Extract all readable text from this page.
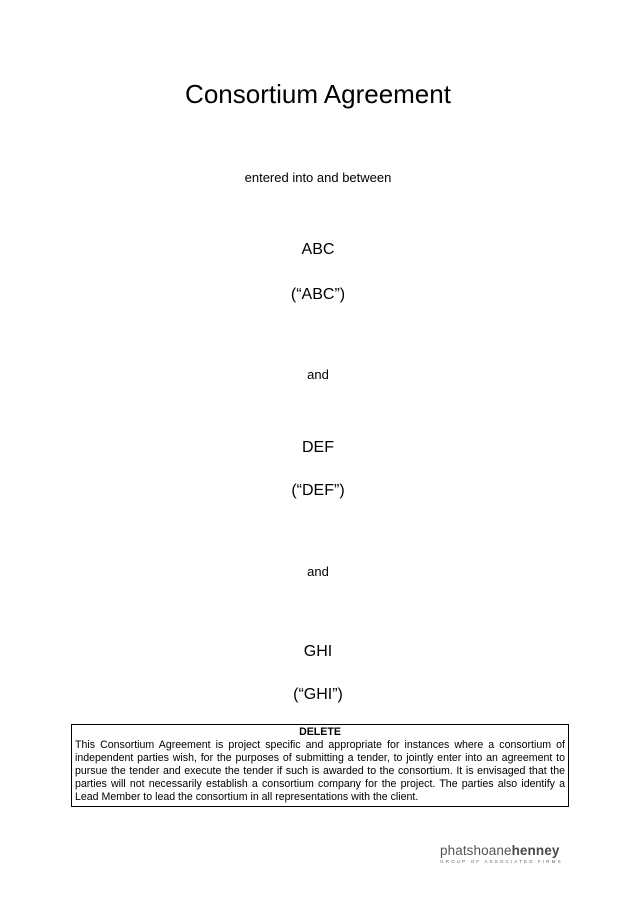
Consortium Agreement
entered into and between
ABC
(“ABC”)
and
DEF
(“DEF”)
and
GHI
(“GHI”)
DELETE
This Consortium Agreement is project specific and appropriate for instances where a consortium of independent parties wish, for the purposes of submitting a tender, to jointly enter into an agreement to pursue the tender and execute the tender if such is awarded to the consortium. It is envisaged that the parties will not necessarily establish a consortium company for the project. The parties also identify a Lead Member to lead the consortium in all representations with the client.
phatshoanehenney
GROUP OF ASSOCIATED FIRMS
